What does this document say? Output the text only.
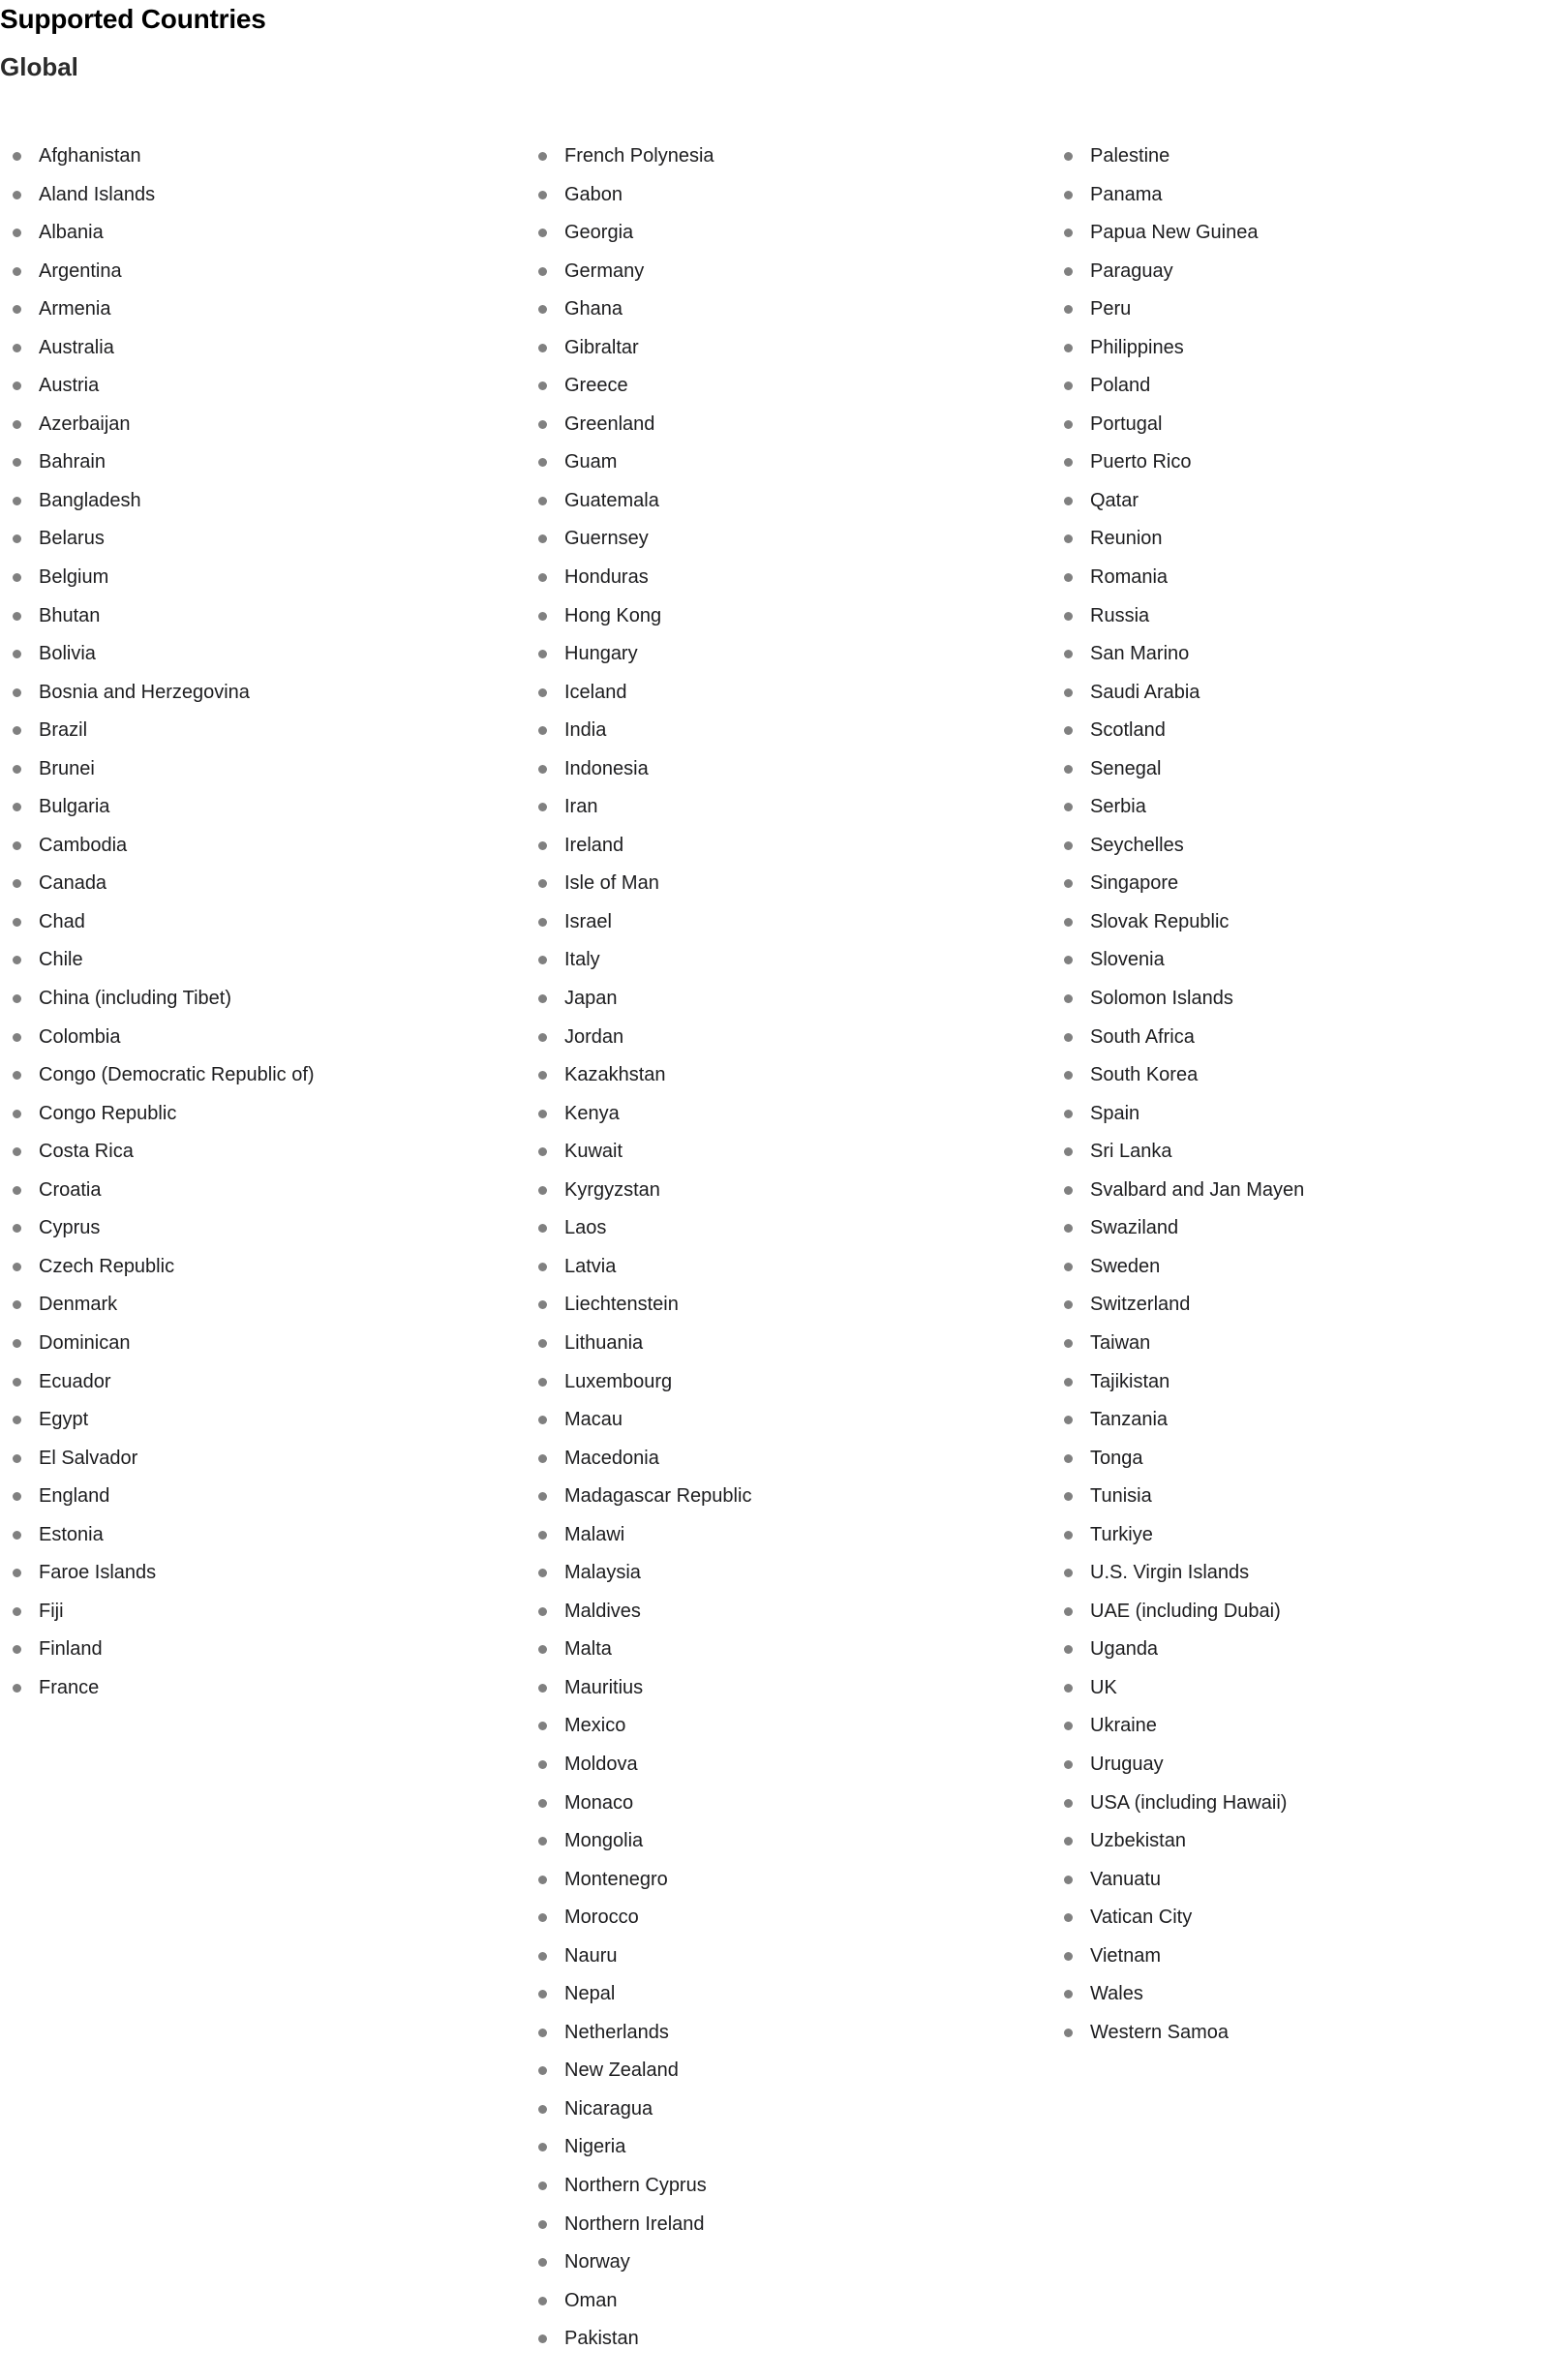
Supported Countries
Global
Afghanistan
Aland Islands
Albania
Argentina
Armenia
Australia
Austria
Azerbaijan
Bahrain
Bangladesh
Belarus
Belgium
Bhutan
Bolivia
Bosnia and Herzegovina
Brazil
Brunei
Bulgaria
Cambodia
Canada
Chad
Chile
China (including Tibet)
Colombia
Congo (Democratic Republic of)
Congo Republic
Costa Rica
Croatia
Cyprus
Czech Republic
Denmark
Dominican
Ecuador
Egypt
El Salvador
England
Estonia
Faroe Islands
Fiji
Finland
France
French Polynesia
Gabon
Georgia
Germany
Ghana
Gibraltar
Greece
Greenland
Guam
Guatemala
Guernsey
Honduras
Hong Kong
Hungary
Iceland
India
Indonesia
Iran
Ireland
Isle of Man
Israel
Italy
Japan
Jordan
Kazakhstan
Kenya
Kuwait
Kyrgyzstan
Laos
Latvia
Liechtenstein
Lithuania
Luxembourg
Macau
Macedonia
Madagascar Republic
Malawi
Malaysia
Maldives
Malta
Mauritius
Mexico
Moldova
Monaco
Mongolia
Montenegro
Morocco
Nauru
Nepal
Netherlands
New Zealand
Nicaragua
Nigeria
Northern Cyprus
Northern Ireland
Norway
Oman
Pakistan
Palestine
Panama
Papua New Guinea
Paraguay
Peru
Philippines
Poland
Portugal
Puerto Rico
Qatar
Reunion
Romania
Russia
San Marino
Saudi Arabia
Scotland
Senegal
Serbia
Seychelles
Singapore
Slovak Republic
Slovenia
Solomon Islands
South Africa
South Korea
Spain
Sri Lanka
Svalbard and Jan Mayen
Swaziland
Sweden
Switzerland
Taiwan
Tajikistan
Tanzania
Tonga
Tunisia
Turkiye
U.S. Virgin Islands
UAE (including Dubai)
Uganda
UK
Ukraine
Uruguay
USA (including Hawaii)
Uzbekistan
Vanuatu
Vatican City
Vietnam
Wales
Western Samoa
